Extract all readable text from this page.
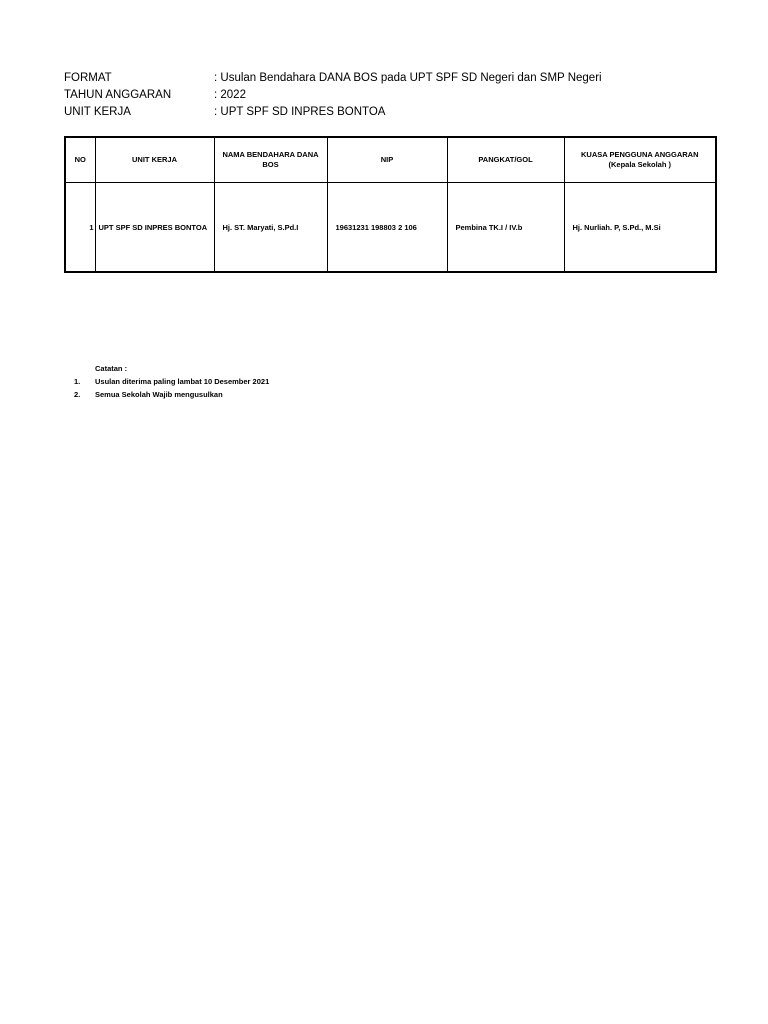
FORMAT	: Usulan Bendahara DANA BOS pada UPT SPF SD Negeri dan SMP Negeri
TAHUN ANGGARAN	: 2022
UNIT KERJA	: UPT SPF SD INPRES BONTOA
NO	UNIT KERJA	NAMA BENDAHARA DANA BOS	NIP	PANGKAT/GOL	KUASA PENGGUNA ANGGARAN
(Kepala Sekolah )
1	UPT SPF SD INPRES BONTOA	Hj. ST. Maryati, S.Pd.I	19631231 198803 2 106	Pembina TK.I / IV.b	Hj. Nurliah. P, S.Pd., M.Si
Catatan :
1.	Usulan diterima paling lambat 10 Desember 2021
2.	Semua Sekolah Wajib mengusulkan
